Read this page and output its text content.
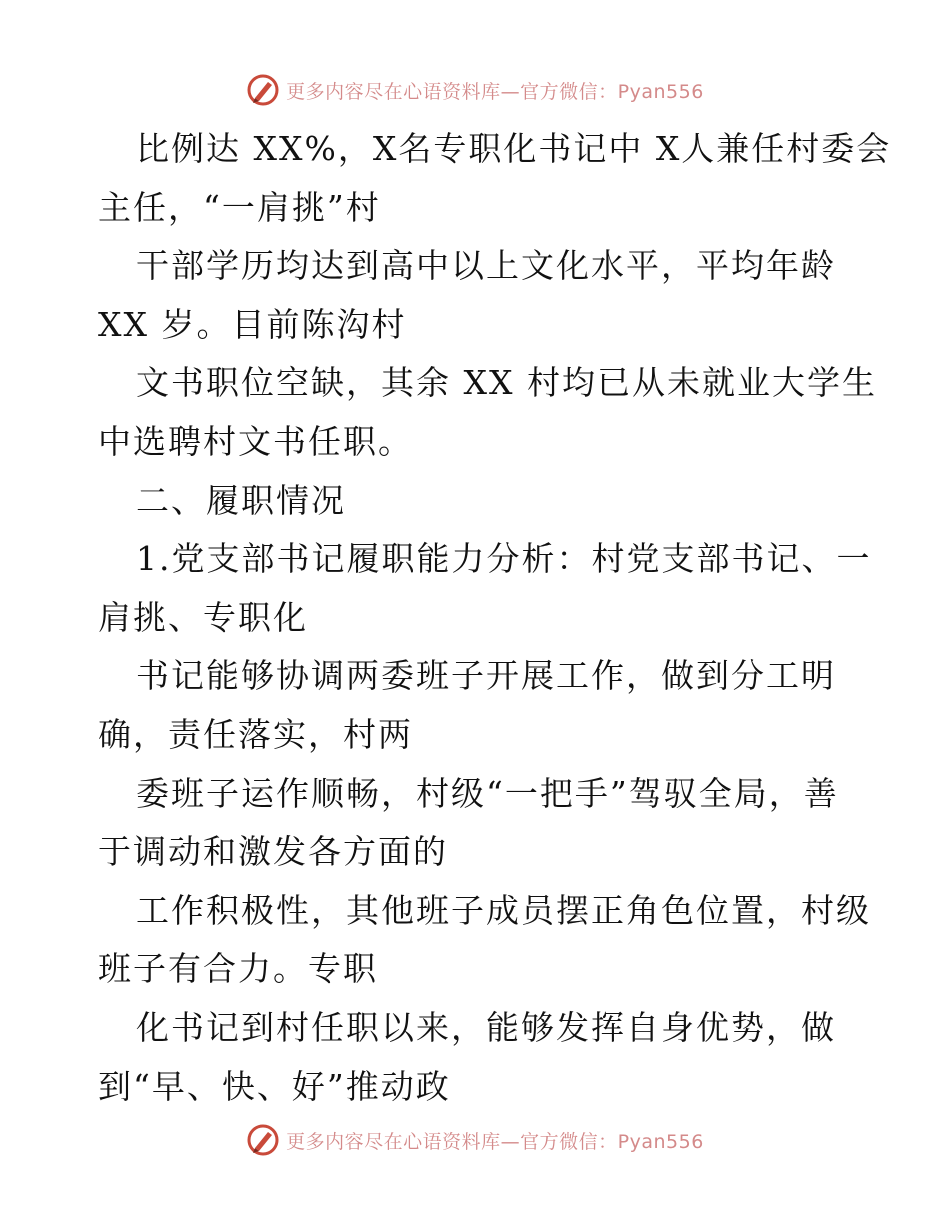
更多内容尽在心语资料库—官方微信：Pyan556
比例达 XX%，X名专职化书记中 X人兼任村委会
主任，“一肩挑”村
干部学历均达到高中以上文化水平，平均年龄
XX 岁。目前陈沟村
文书职位空缺，其余 XX 村均已从未就业大学生
中选聘村文书任职。
二、履职情况
1.党支部书记履职能力分析：村党支部书记、一
肩挑、专职化
书记能够协调两委班子开展工作，做到分工明
确，责任落实，村两
委班子运作顺畅，村级“一把手”驾驭全局，善
于调动和激发各方面的
工作积极性，其他班子成员摆正角色位置，村级
班子有合力。专职
化书记到村任职以来，能够发挥自身优势，做
到“早、快、好”推动政
更多内容尽在心语资料库—官方微信：Pyan556
